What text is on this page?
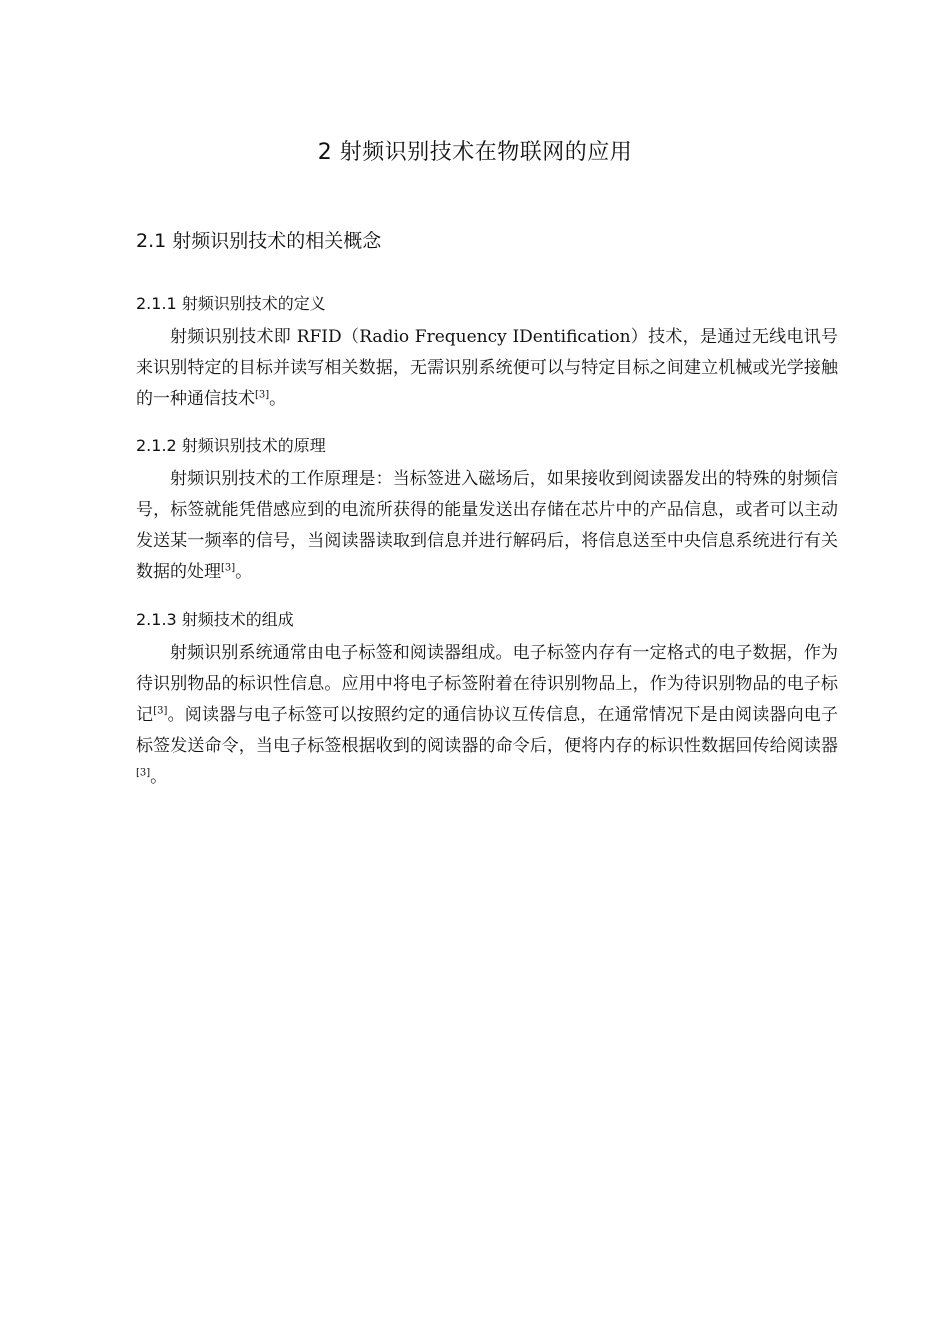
2 射频识别技术在物联网的应用
2.1 射频识别技术的相关概念
2.1.1 射频识别技术的定义

射频识别技术即 RFID（Radio Frequency IDentification）技术，是通过无线电讯号来识别特定的目标并读写相关数据，无需识别系统便可以与特定目标之间建立机械或光学接触的一种通信技术[3]。

2.1.2 射频识别技术的原理

射频识别技术的工作原理是：当标签进入磁场后，如果接收到阅读器发出的特殊的射频信号，标签就能凭借感应到的电流所获得的能量发送出存储在芯片中的产品信息，或者可以主动发送某一频率的信号，当阅读器读取到信息并进行解码后，将信息送至中央信息系统进行有关数据的处理[3]。

2.1.3 射频技术的组成

射频识别系统通常由电子标签和阅读器组成。电子标签内存有一定格式的电子数据，作为待识别物品的标识性信息。应用中将电子标签附着在待识别物品上，作为待识别物品的电子标记[3]。阅读器与电子标签可以按照约定的通信协议互传信息，在通常情况下是由阅读器向电子标签发送命令，当电子标签根据收到的阅读器的命令后，便将内存的标识性数据回传给阅读器[3]。
